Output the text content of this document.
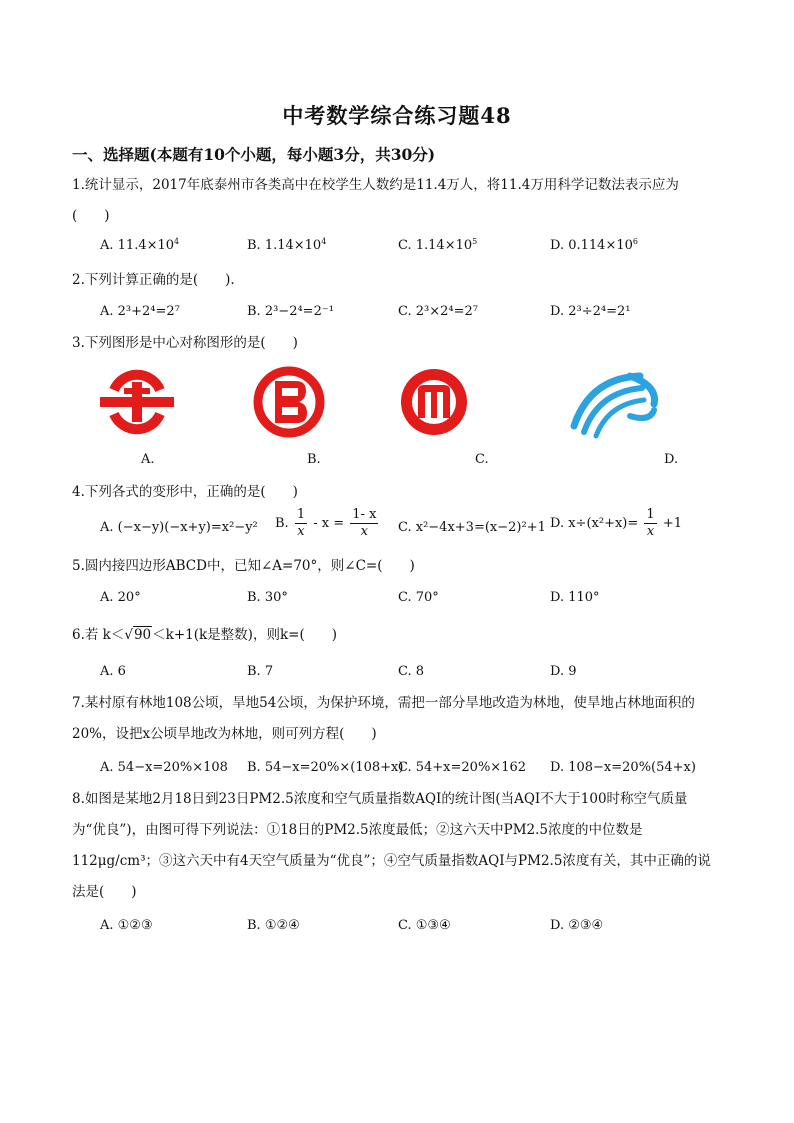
中考数学综合练习题48
一、选择题(本题有10个小题，每小题3分，共30分)
1.统计显示，2017年底泰州市各类高中在校学生人数约是11.4万人，将11.4万用科学记数法表示应为
(　　)
A. $11.4\times 10^4$	B. $1.14\times 10^4$	C. $1.14\times 10^5$	D. $0.114\times 10^6$
2.下列计算正确的是(　　).
A. 2³+2⁴=2⁷	B. 2³−2⁴=2⁻¹	C. 2³×2⁴=2⁷	D. 2³÷2⁴=2¹
3.下列图形是中心对称图形的是(　　)
A.	B.	C.	D.
4.下列各式的变形中，正确的是(　　)
A. (−x−y)(−x+y)=x²−y² B. $\frac{1}{x} - x = \frac{1- x}{x} C$. x²−4x+3=(x−2)²+1 D. $x\div(x^2+x)= \frac{1}{x} +1$
5.圆内接四边形ABCD中，已知∠A=70°，则∠C=(　　)
A. 20°	B. 30°	C. 70°	D. 110°
6.若 k＜√90＜k+1(k是整数)，则k=(　　)
A. 6	B. 7	C. 8	D. 9
7.某村原有林地108公顷，旱地54公顷，为保护环境，需把一部分旱地改造为林地，使旱地占林地面积的
20%，设把x公顷旱地改为林地，则可列方程(　　)
A. 54−x=20%×108 B. 54−x=20%×(108+x)
C. 54+x=20%×162 D. 108−x=20%(54+x)
8.如图是某地2月18日到23日PM2.5浓度和空气质量指数AQI的统计图(当AQI不大于100时称空气质量
为“优良”)，由图可得下列说法：①18日的PM2.5浓度最低；②这六天中PM2.5浓度的中位数是
112μg/cm³；③这六天中有4天空气质量为“优良”；④空气质量指数AQI与PM2.5浓度有关，其中正确的说
法是(　　)
A. ①②③	B. ①②④	C. ①③④	D. ②③④
